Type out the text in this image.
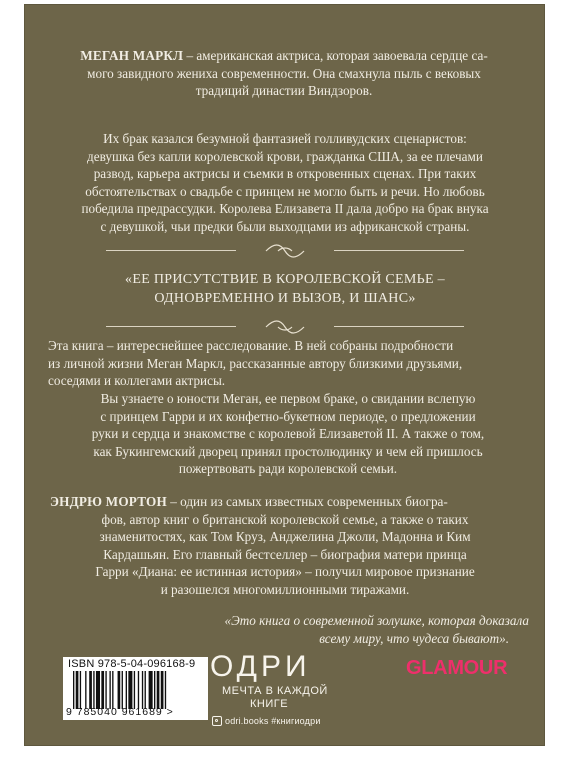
МЕГАН МАРКЛ – американская актриса, которая завоевала сердце са-
мого завидного жениха современности. Она смахнула пыль с вековых
традиций династии Виндзоров.
Их брак казался безумной фантазией голливудских сценаристов:
девушка без капли королевской крови, гражданка США, за ее плечами
развод, карьера актрисы и съемки в откровенных сценах. При таких
обстоятельствах о свадьбе с принцем не могло быть и речи. Но любовь
победила предрассудки. Королева Елизавета II дала добро на брак внука
с девушкой, чьи предки были выходцами из африканской страны.
«ЕЕ ПРИСУТСТВИЕ В КОРОЛЕВСКОЙ СЕМЬЕ –
ОДНОВРЕМЕННО И ВЫЗОВ, И ШАНС»
Эта книга – интереснейшее расследование. В ней собраны подробности
из личной жизни Меган Маркл, рассказанные автору близкими друзьями,
соседями и коллегами актрисы.
Вы узнаете о юности Меган, ее первом браке, о свидании вслепую
с принцем Гарри и их конфетно-букетном периоде, о предложении
руки и сердца и знакомстве с королевой Елизаветой II. А также о том,
как Букингемский дворец принял простолюдинку и чем ей пришлось
пожертвовать ради королевской семьи.
ЭНДРЮ МОРТОН – один из самых известных современных биогра-
фов, автор книг о британской королевской семье, а также о таких
знаменитостях, как Том Круз, Анджелина Джоли, Мадонна и Ким
Кардашьян. Его главный бестселлер – биография матери принца
Гарри «Диана: ее истинная история» – получил мировое признание
и разошелся многомиллионными тиражами.
«Это книга о современной золушке, которая доказала
всему миру, что чудеса бывают».
ISBN 978-5-04-096168-9
9 785040 961689 >
ОДРИ
МЕЧТА В КАЖДОЙ
КНИГЕ
odri.books #книгиодри
GLAMOUR
